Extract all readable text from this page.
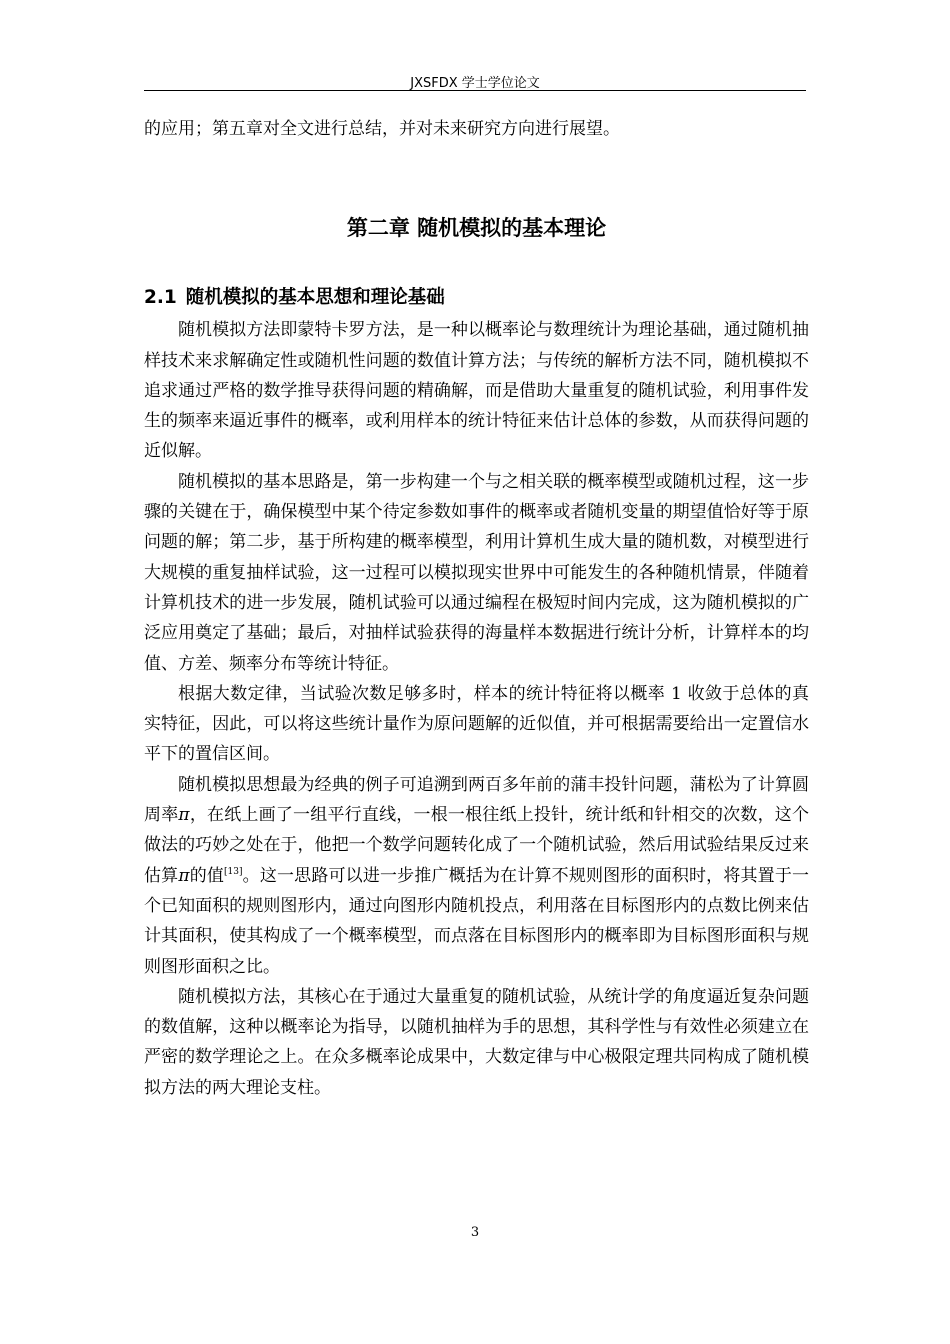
JXSFDX 学士学位论文

的应用；第五章对全文进行总结，并对未来研究方向进行展望。

第二章 随机模拟的基本理论
2.1 随机模拟的基本思想和理论基础

随机模拟方法即蒙特卡罗方法，是一种以概率论与数理统计为理论基础，通过随机抽样技术来求解确定性或随机性问题的数值计算方法；与传统的解析方法不同，随机模拟不追求通过严格的数学推导获得问题的精确解，而是借助大量重复的随机试验，利用事件发生的频率来逼近事件的概率，或利用样本的统计特征来估计总体的参数，从而获得问题的近似解。

随机模拟的基本思路是，第一步构建一个与之相关联的概率模型或随机过程，这一步骤的关键在于，确保模型中某个待定参数如事件的概率或者随机变量的期望值恰好等于原问题的解；第二步，基于所构建的概率模型，利用计算机生成大量的随机数，对模型进行大规模的重复抽样试验，这一过程可以模拟现实世界中可能发生的各种随机情景，伴随着计算机技术的进一步发展，随机试验可以通过编程在极短时间内完成，这为随机模拟的广泛应用奠定了基础；最后，对抽样试验获得的海量样本数据进行统计分析，计算样本的均值、方差、频率分布等统计特征。

根据大数定律，当试验次数足够多时，样本的统计特征将以概率 1 收敛于总体的真实特征，因此，可以将这些统计量作为原问题解的近似值，并可根据需要给出一定置信水平下的置信区间。

随机模拟思想最为经典的例子可追溯到两百多年前的蒲丰投针问题，蒲松为了计算圆周率π，在纸上画了一组平行直线，一根一根往纸上投针，统计纸和针相交的次数，这个做法的巧妙之处在于，他把一个数学问题转化成了一个随机试验，然后用试验结果反过来估算π的值[13]。这一思路可以进一步推广概括为在计算不规则图形的面积时，将其置于一个已知面积的规则图形内，通过向图形内随机投点，利用落在目标图形内的点数比例来估计其面积，使其构成了一个概率模型，而点落在目标图形内的概率即为目标图形面积与规则图形面积之比。

随机模拟方法，其核心在于通过大量重复的随机试验，从统计学的角度逼近复杂问题的数值解，这种以概率论为指导，以随机抽样为手的思想，其科学性与有效性必须建立在严密的数学理论之上。在众多概率论成果中，大数定律与中心极限定理共同构成了随机模拟方法的两大理论支柱。

3
